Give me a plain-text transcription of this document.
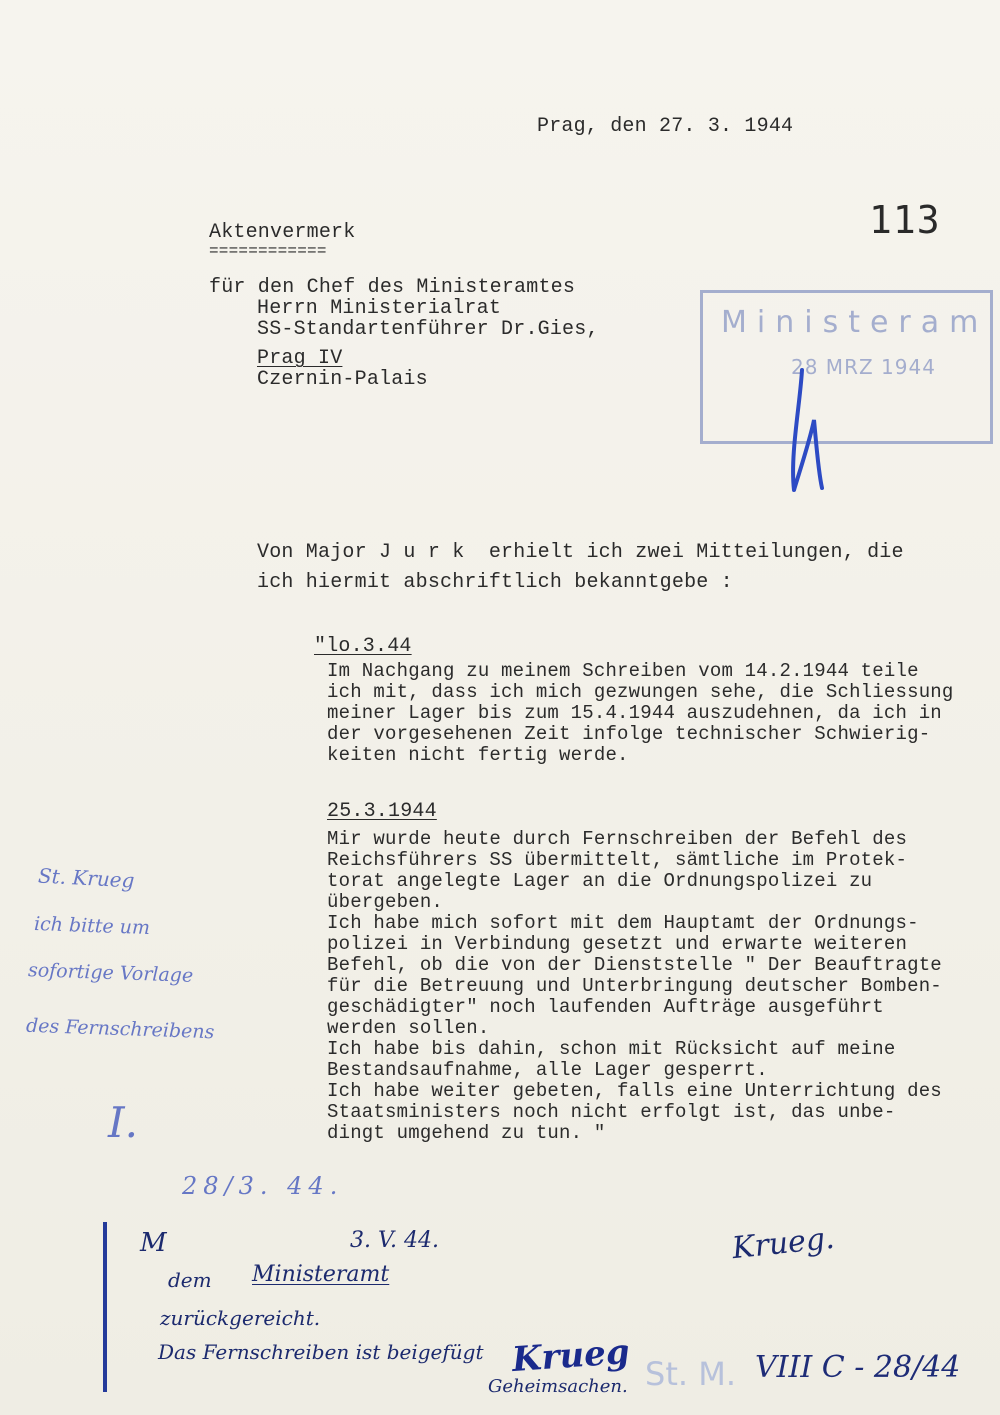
Prag, den 27. 3. 1944
113
Aktenvermerk
============
für den Chef des Ministeramtes
Herrn Ministerialrat
SS-Standartenführer Dr.Gies,
Prag IV
Czernin-Palais
Ministeram
28 MRZ 1944
Von Major J u r k  erhielt ich zwei Mitteilungen, die
ich hiermit abschriftlich bekanntgebe :
"lo.3.44
Im Nachgang zu meinem Schreiben vom 14.2.1944 teile
ich mit, dass ich mich gezwungen sehe, die Schliessung
meiner Lager bis zum 15.4.1944 auszudehnen, da ich in
der vorgesehenen Zeit infolge technischer Schwierig-
keiten nicht fertig werde.
25.3.1944
Mir wurde heute durch Fernschreiben der Befehl des
Reichsführers SS übermittelt, sämtliche im Protek-
torat angelegte Lager an die Ordnungspolizei zu
übergeben.
Ich habe mich sofort mit dem Hauptamt der Ordnungs-
polizei in Verbindung gesetzt und erwarte weiteren
Befehl, ob die von der Dienststelle " Der Beauftragte
für die Betreuung und Unterbringung deutscher Bomben-
geschädigter" noch laufenden Aufträge ausgeführt
werden sollen.
Ich habe bis dahin, schon mit Rücksicht auf meine
Bestandsaufnahme, alle Lager gesperrt.
Ich habe weiter gebeten, falls eine Unterrichtung des
Staatsministers noch nicht erfolgt ist, das unbe-
dingt umgehend zu tun. "
St. Krueg
ich bitte um
sofortige Vorlage
des Fernschreibens
I.
28/3. 44.
Krueg.
M	3. V. 44.
dem Ministeramt
zurückgereicht.
Das Fernschreiben ist beigefügt Krueg
Geheimsachen. St. M. VIII C - 28/44
